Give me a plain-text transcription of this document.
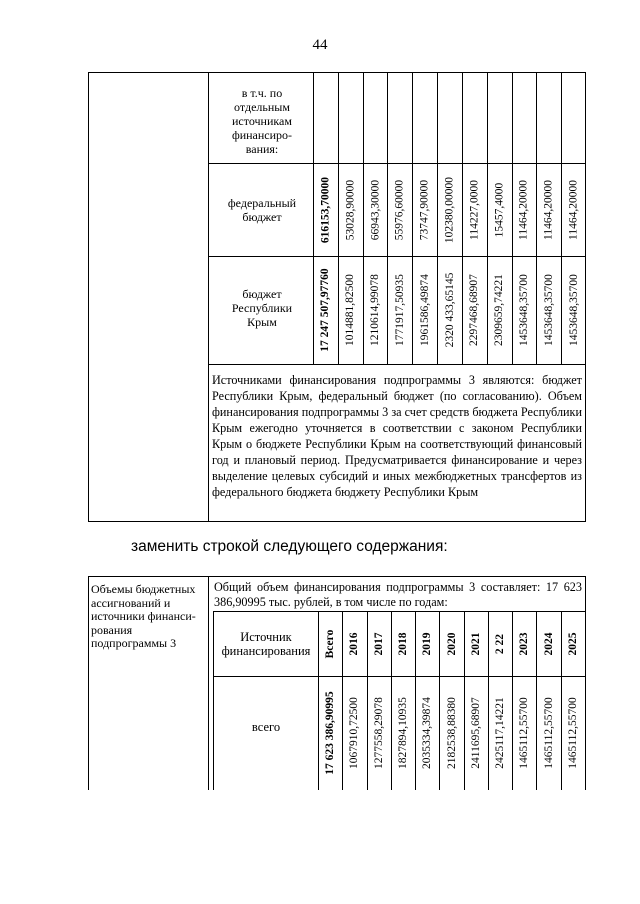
44
в т.ч. по отдельным источникам финансиро-вания:
федеральный бюджет
бюджет Республики Крым
616153,70000 53028,90000 66943,30000 55976,60000 73747,90000 102380,00000 114227,0000 15457,4000 11464,20000 11464,20000 11464,20000
17 247 507,97760 1014881,82500 1210614,99078 1771917,50935 1961586,49874 2320 433,65145 2297468,68907 2309659,74221 1453648,35700 1453648,35700 1453648,35700
Источниками финансирования подпрограммы 3 являются: бюджет Республики Крым, федеральный бюджет (по согласованию). Объем финансирования подпрограммы 3 за счет средств бюджета Республики Крым ежегодно уточняется в соответствии с законом Республики Крым о бюджете Республики Крым на соответствующий финансовый год и плановый период. Предусматривается финансирование и через выделение целевых субсидий и иных межбюджетных трансфертов из федерального бюджета бюджету Республики Крым
заменить строкой следующего содержания:
Объемы бюджетных ассигнований и источники финанси-рования подпрограммы 3
Общий объем финансирования подпрограммы 3 составляет: 17 623 386,90995 тыс. рублей, в том числе по годам:
Источник финансирования
всего
Всего 2016 2017 2018 2019 2020 2021 2 22 2023 2024 2025
17 623 386,90995 1067910,72500 1277558,29078 1827894,10935 2035334,39874 2182538,88380 2411695,68907 2425117,14221 1465112,55700 1465112,55700 1465112,55700
